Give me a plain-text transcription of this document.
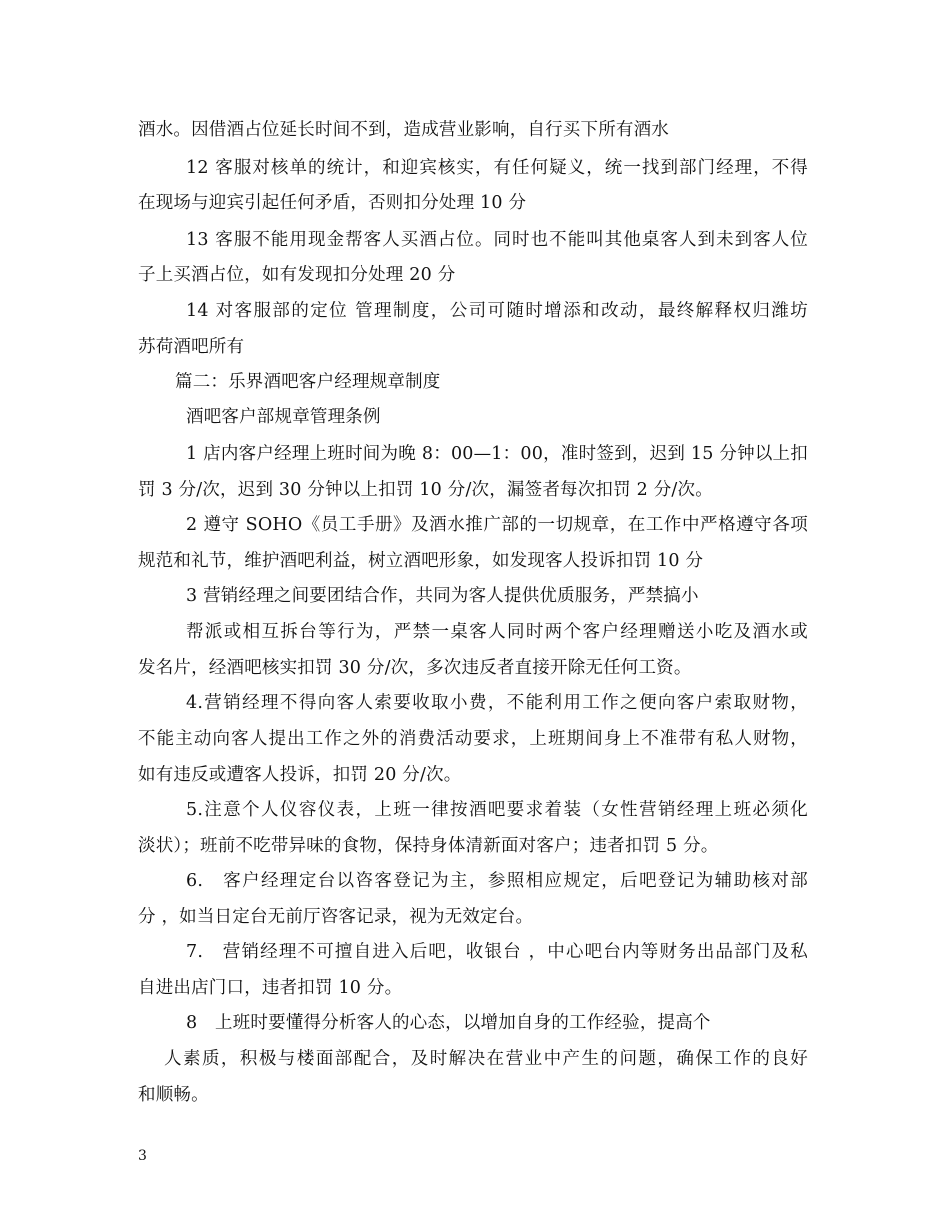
酒水。因借酒占位延长时间不到，造成营业影响，自行买下所有酒水
12 客服对核单的统计，和迎宾核实，有任何疑义，统一找到部门经理，不得
在现场与迎宾引起任何矛盾，否则扣分处理 10 分
13 客服不能用现金帮客人买酒占位。同时也不能叫其他桌客人到未到客人位
子上买酒占位，如有发现扣分处理 20 分
14 对客服部的定位 管理制度，公司可随时增添和改动，最终解释权归潍坊
苏荷酒吧所有
篇二：乐界酒吧客户经理规章制度
酒吧客户部规章管理条例
1 店内客户经理上班时间为晚 8：00—1：00，准时签到，迟到 15 分钟以上扣
罚 3 分/次，迟到 30 分钟以上扣罚 10 分/次，漏签者每次扣罚 2 分/次。
2 遵守 SOHO《员工手册》及酒水推广部的一切规章，在工作中严格遵守各项
规范和礼节，维护酒吧利益，树立酒吧形象，如发现客人投诉扣罚 10 分
3 营销经理之间要团结合作，共同为客人提供优质服务，严禁搞小
帮派或相互拆台等行为，严禁一桌客人同时两个客户经理赠送小吃及酒水或
发名片，经酒吧核实扣罚 30 分/次，多次违反者直接开除无任何工资。
4.营销经理不得向客人索要收取小费，不能利用工作之便向客户索取财物，
不能主动向客人提出工作之外的消费活动要求，上班期间身上不准带有私人财物，
如有违反或遭客人投诉，扣罚 20 分/次。
5.注意个人仪容仪表，上班一律按酒吧要求着装（女性营销经理上班必须化
淡状）；班前不吃带异味的食物，保持身体清新面对客户；违者扣罚 5 分。
6.　客户经理定台以咨客登记为主，参照相应规定，后吧登记为辅助核对部
分 ，如当日定台无前厅咨客记录，视为无效定台。
7.　营销经理不可擅自进入后吧，收银台 ，中心吧台内等财务出品部门及私
自进出店门口，违者扣罚 10 分。
8　上班时要懂得分析客人的心态，以增加自身的工作经验，提高个
人素质，积极与楼面部配合，及时解决在营业中产生的问题，确保工作的良好
和顺畅。
3
